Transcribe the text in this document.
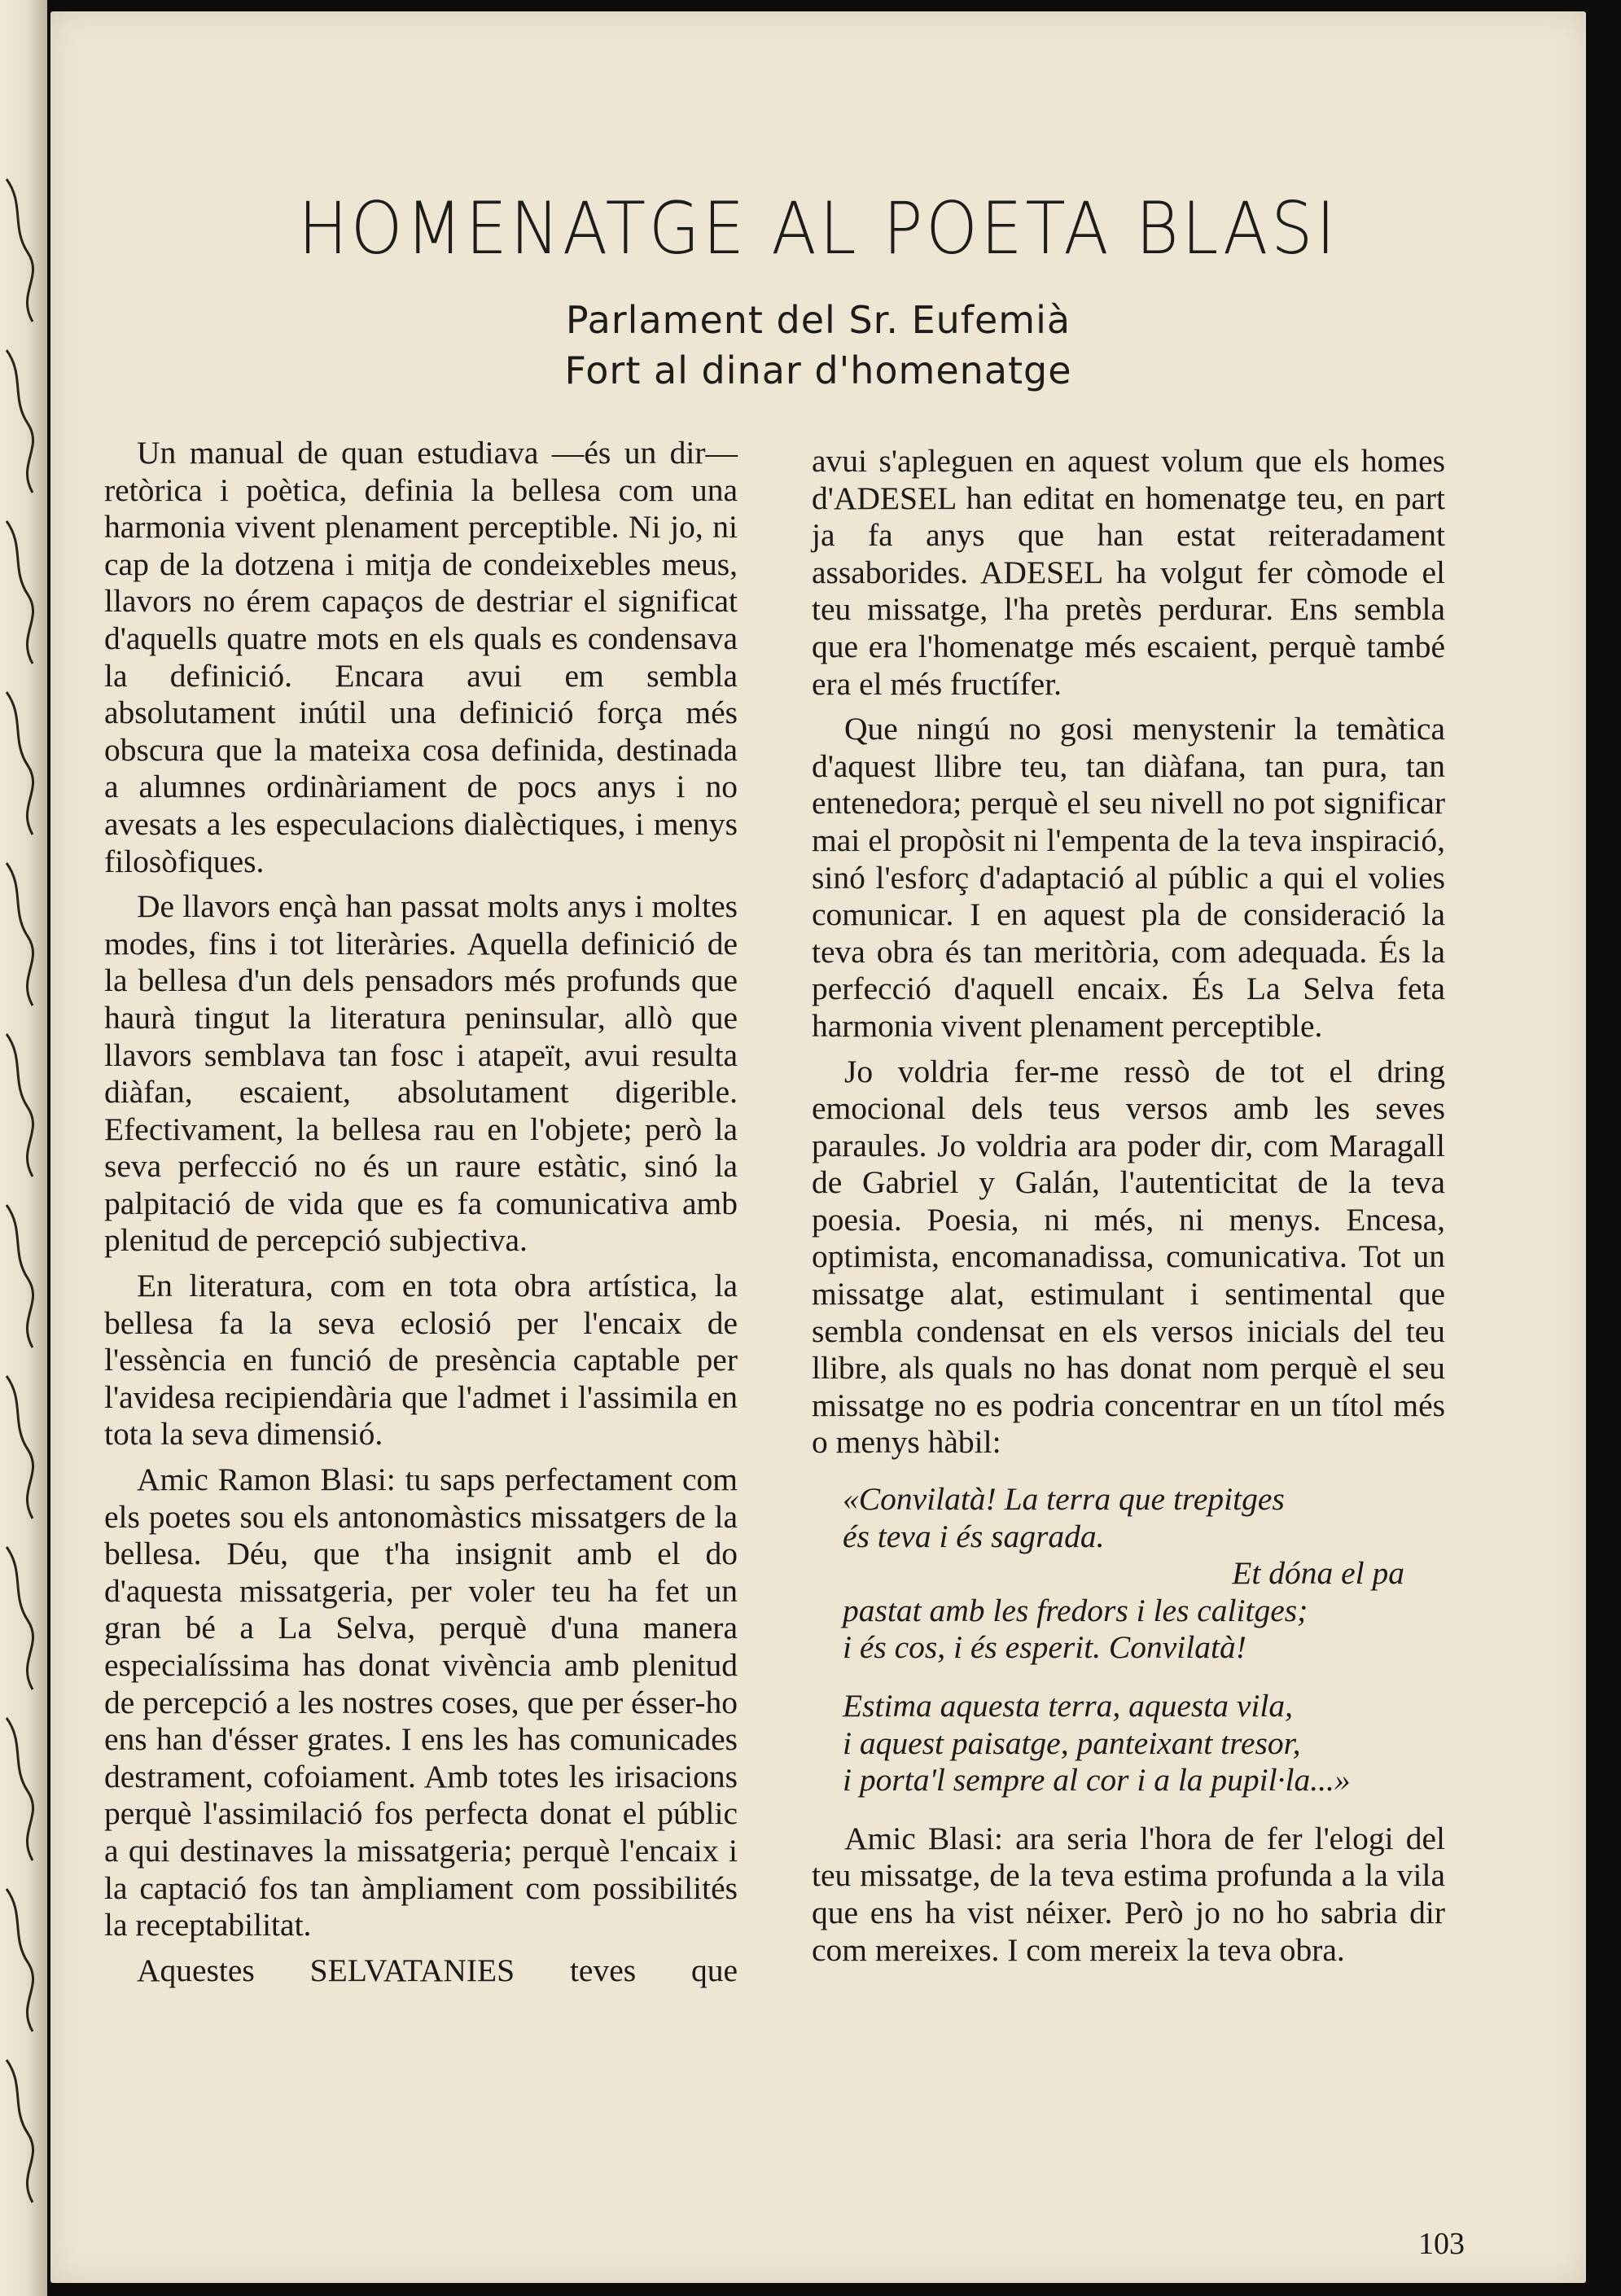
HOMENATGE AL POETA BLASI
Parlament del Sr. Eufemià
Fort al dinar d'homenatge

Un manual de quan estudiava —és un dir— retòrica i poètica, definia la bellesa com una harmonia vivent plenament perceptible. Ni jo, ni cap de la dotzena i mitja de condeixebles meus, llavors no érem capaços de destriar el significat d'aquells quatre mots en els quals es condensava la definició. Encara avui em sembla absolutament inútil una definició força més obscura que la mateixa cosa definida, destinada a alumnes ordinàriament de pocs anys i no avesats a les especulacions dialèctiques, i menys filosòfiques.

De llavors ençà han passat molts anys i moltes modes, fins i tot literàries. Aquella definició de la bellesa d'un dels pensadors més profunds que haurà tingut la literatura peninsular, allò que llavors semblava tan fosc i atapeït, avui resulta diàfan, escaient, absolutament digerible. Efectivament, la bellesa rau en l'objete; però la seva perfecció no és un raure estàtic, sinó la palpitació de vida que es fa comunicativa amb plenitud de percepció subjectiva.

En literatura, com en tota obra artística, la bellesa fa la seva eclosió per l'encaix de l'essència en funció de presència captable per l'avidesa recipiendària que l'admet i l'assimila en tota la seva dimensió.

Amic Ramon Blasi: tu saps perfectament com els poetes sou els antonomàstics missatgers de la bellesa. Déu, que t'ha insignit amb el do d'aquesta missatgeria, per voler teu ha fet un gran bé a La Selva, perquè d'una manera especialíssima has donat vivència amb plenitud de percepció a les nostres coses, que per ésser-ho ens han d'ésser grates. I ens les has comunicades destrament, cofoiament. Amb totes les irisacions perquè l'assimilació fos perfecta donat el públic a qui destinaves la missatgeria; perquè l'encaix i la captació fos tan àmpliament com possibilités la receptabilitat.

Aquestes SELVATANIES teves que

avui s'apleguen en aquest volum que els homes d'ADESEL han editat en homenatge teu, en part ja fa anys que han estat reiteradament assaborides. ADESEL ha volgut fer còmode el teu missatge, l'ha pretès perdurar. Ens sembla que era l'homenatge més escaient, perquè també era el més fructífer.

Que ningú no gosi menystenir la temàtica d'aquest llibre teu, tan diàfana, tan pura, tan entenedora; perquè el seu nivell no pot significar mai el propòsit ni l'empenta de la teva inspiració, sinó l'esforç d'adaptació al públic a qui el volies comunicar. I en aquest pla de consideració la teva obra és tan meritòria, com adequada. És la perfecció d'aquell encaix. És La Selva feta harmonia vivent plenament perceptible.

Jo voldria fer-me ressò de tot el dring emocional dels teus versos amb les seves paraules. Jo voldria ara poder dir, com Maragall de Gabriel y Galán, l'autenticitat de la teva poesia. Poesia, ni més, ni menys. Encesa, optimista, encomanadissa, comunicativa. Tot un missatge alat, estimulant i sentimental que sembla condensat en els versos inicials del teu llibre, als quals no has donat nom perquè el seu missatge no es podria concentrar en un títol més o menys hàbil:

«Convilatà! La terra que trepitges
és teva i és sagrada.
Et dóna el pa
pastat amb les fredors i les calitges;
i és cos, i és esperit. Convilatà!
Estima aquesta terra, aquesta vila,
i aquest paisatge, panteixant tresor,
i porta'l sempre al cor i a la pupil·la...»

Amic Blasi: ara seria l'hora de fer l'elogi del teu missatge, de la teva estima profunda a la vila que ens ha vist néixer. Però jo no ho sabria dir com mereixes. I com mereix la teva obra.

103
